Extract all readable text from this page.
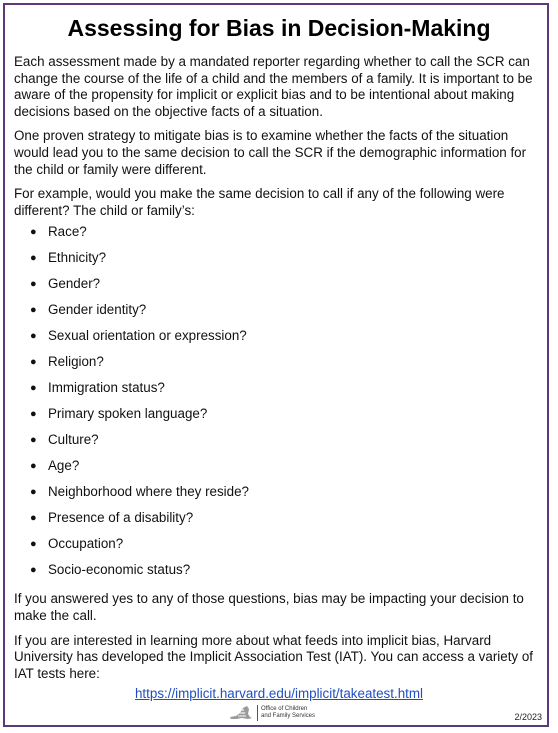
Assessing for Bias in Decision-Making

Each assessment made by a mandated reporter regarding whether to call the SCR can change the course of the life of a child and the members of a family. It is important to be aware of the propensity for implicit or explicit bias and to be intentional about making decisions based on the objective facts of a situation.

One proven strategy to mitigate bias is to examine whether the facts of the situation would lead you to the same decision to call the SCR if the demographic information for the child or family were different.

For example, would you make the same decision to call if any of the following were different? The child or family’s:

● Race?
● Ethnicity?
● Gender?
● Gender identity?
● Sexual orientation or expression?
● Religion?
● Immigration status?
● Primary spoken language?
● Culture?
● Age?
● Neighborhood where they reside?
● Presence of a disability?
● Occupation?
● Socio-economic status?

If you answered yes to any of those questions, bias may be impacting your decision to make the call.

If you are interested in learning more about what feeds into implicit bias, Harvard University has developed the Implicit Association Test (IAT). You can access a variety of IAT tests here:

https://implicit.harvard.edu/implicit/takeatest.html
NEW
YORK
STATE
Office of Children
and Family Services	2/2023
